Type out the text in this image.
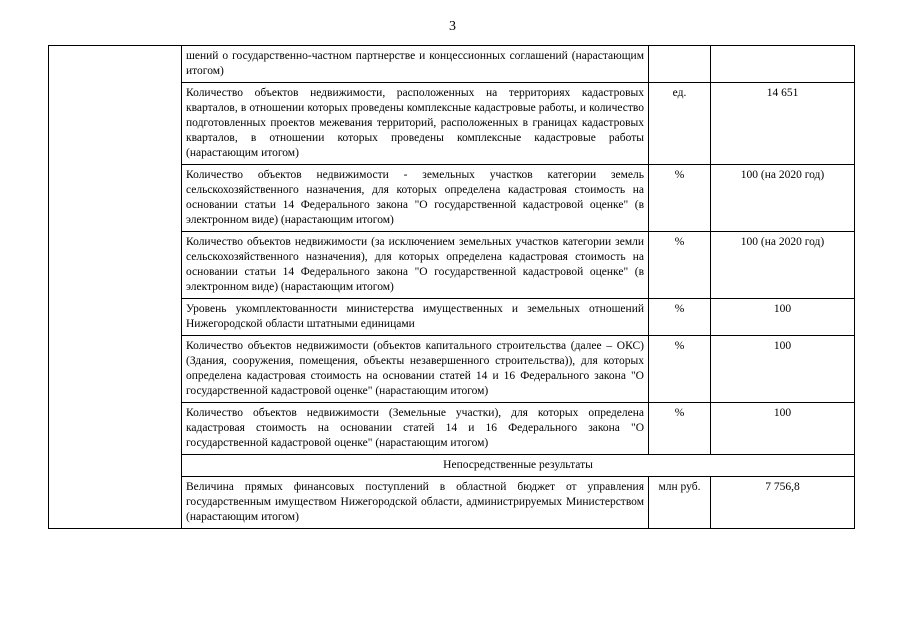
3
	шений о государственно-частном партнерстве и концессионных соглашений (нарастающим итогом)		
	Количество объектов недвижимости, расположенных на территориях кадастровых кварталов, в отношении которых проведены комплексные кадастровые работы, и количество подготовленных проектов межевания территорий, расположенных в границах кадастровых кварталов, в отношении которых проведены комплексные кадастровые работы (нарастающим итогом)	ед.	14 651
	Количество объектов недвижимости - земельных участков категории земель сельскохозяйственного назначения, для которых определена кадастровая стоимость на основании статьи 14 Федерального закона "О государственной кадастровой оценке" (в электронном виде) (нарастающим итогом)	%	100 (на 2020 год)
	Количество объектов недвижимости (за исключением земельных участков категории земли сельскохозяйственного назначения), для которых определена кадастровая стоимость на основании статьи 14 Федерального закона "О государственной кадастровой оценке" (в электронном виде) (нарастающим итогом)	%	100 (на 2020 год)
	Уровень укомплектованности министерства имущественных и земельных отношений Нижегородской области штатными единицами	%	100
	Количество объектов недвижимости (объектов капитального строительства (далее – ОКС) (Здания, сооружения, помещения, объекты незавершенного строительства)), для которых определена кадастровая стоимость на основании статей 14 и 16 Федерального закона "О государственной кадастровой оценке" (нарастающим итогом)	%	100
	Количество объектов недвижимости (Земельные участки), для которых определена кадастровая стоимость на основании статей 14 и 16 Федерального закона "О государственной кадастровой оценке" (нарастающим итогом)	%	100
	Непосредственные результаты		
	Величина прямых финансовых поступлений в областной бюджет от управления государственным имуществом Нижегородской области, администрируемых Министерством (нарастающим итогом)	млн руб.	7 756,8
